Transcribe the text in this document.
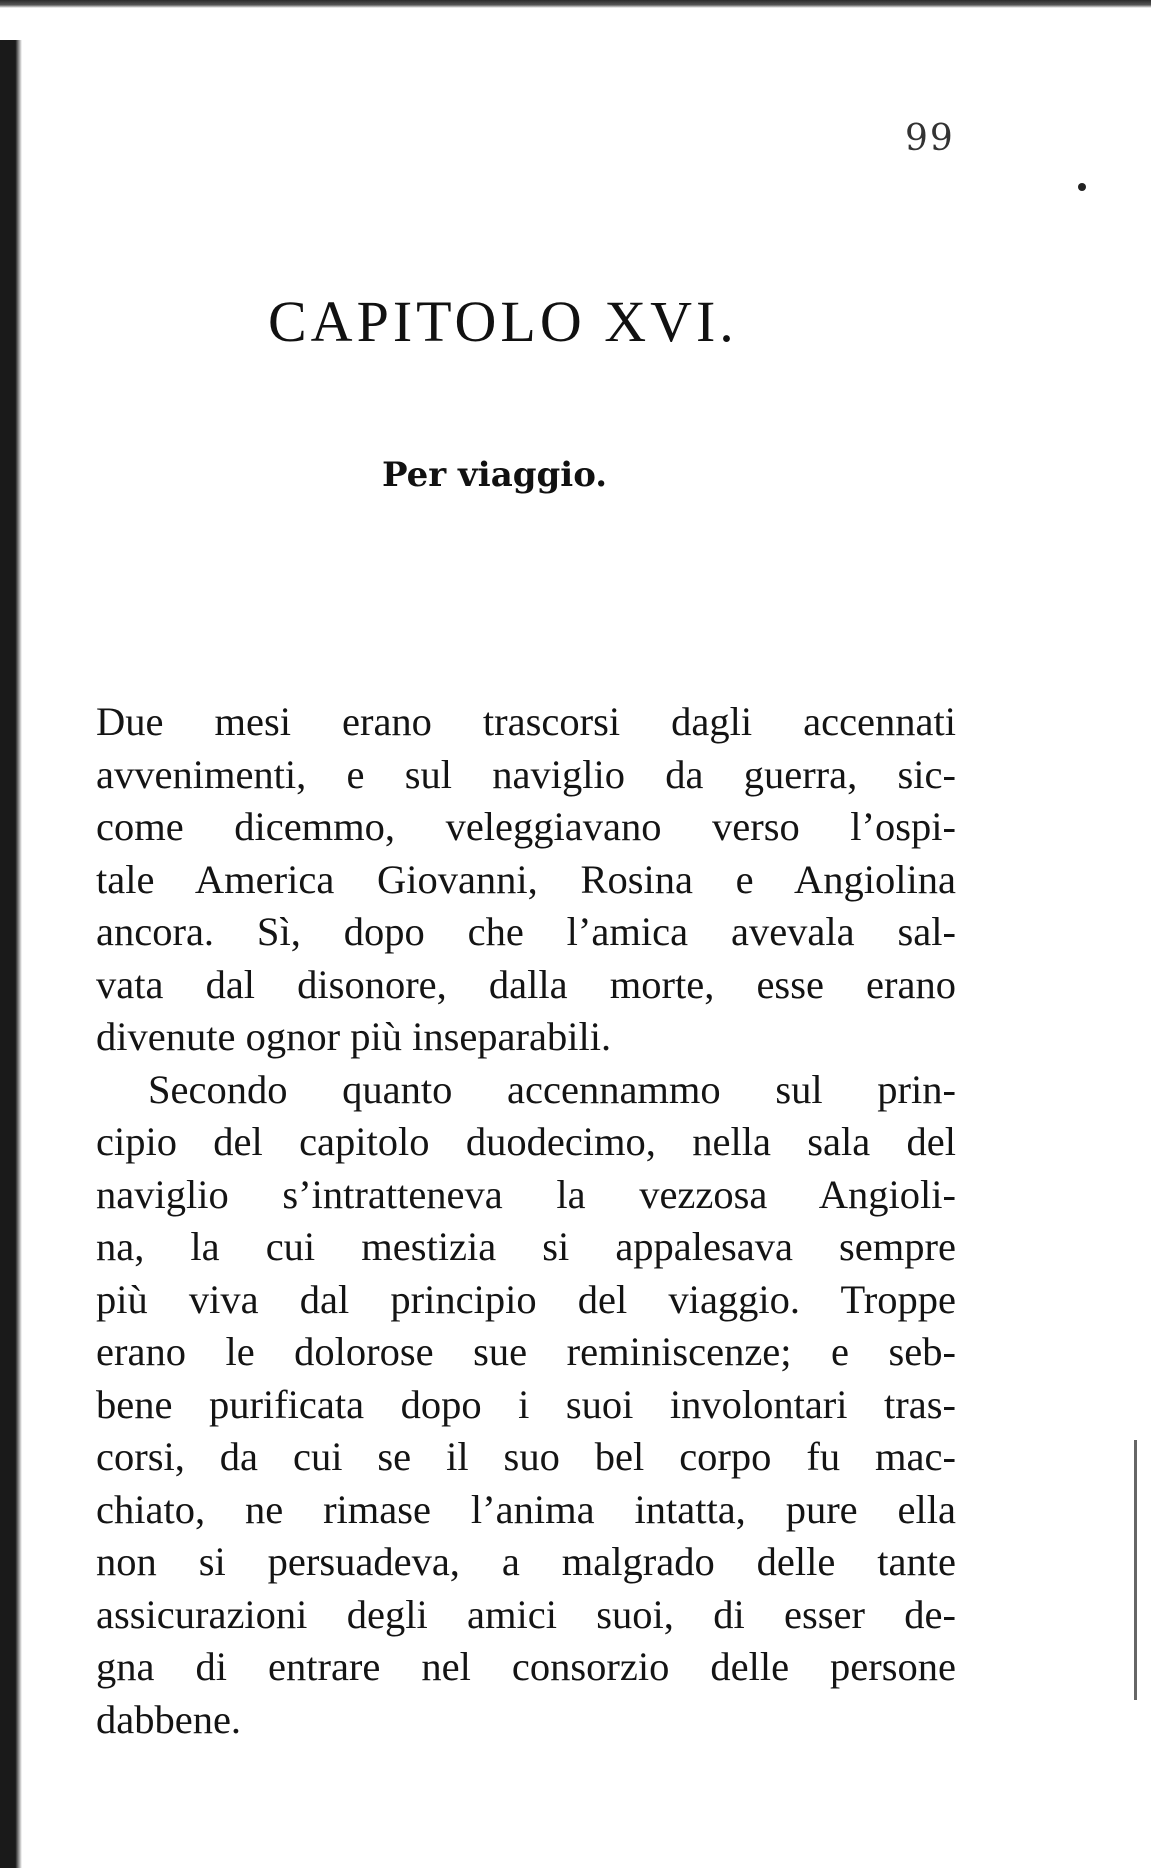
99
CAPITOLO XVI.
Per viaggio.
Due mesi erano trascorsi dagli accennati
avvenimenti, e sul naviglio da guerra, sic-
come dicemmo, veleggiavano verso l’ospi-
tale America Giovanni, Rosina e Angiolina
ancora. Sì, dopo che l’amica avevala sal-
vata dal disonore, dalla morte, esse erano
divenute ognor più inseparabili.
Secondo quanto accennammo sul prin-
cipio del capitolo duodecimo, nella sala del
naviglio s’intratteneva la vezzosa Angioli-
na, la cui mestizia si appalesava sempre
più viva dal principio del viaggio. Troppe
erano le dolorose sue reminiscenze; e seb-
bene purificata dopo i suoi involontari tras-
corsi, da cui se il suo bel corpo fu mac-
chiato, ne rimase l’anima intatta, pure ella
non si persuadeva, a malgrado delle tante
assicurazioni degli amici suoi, di esser de-
gna di entrare nel consorzio delle persone
dabbene.
